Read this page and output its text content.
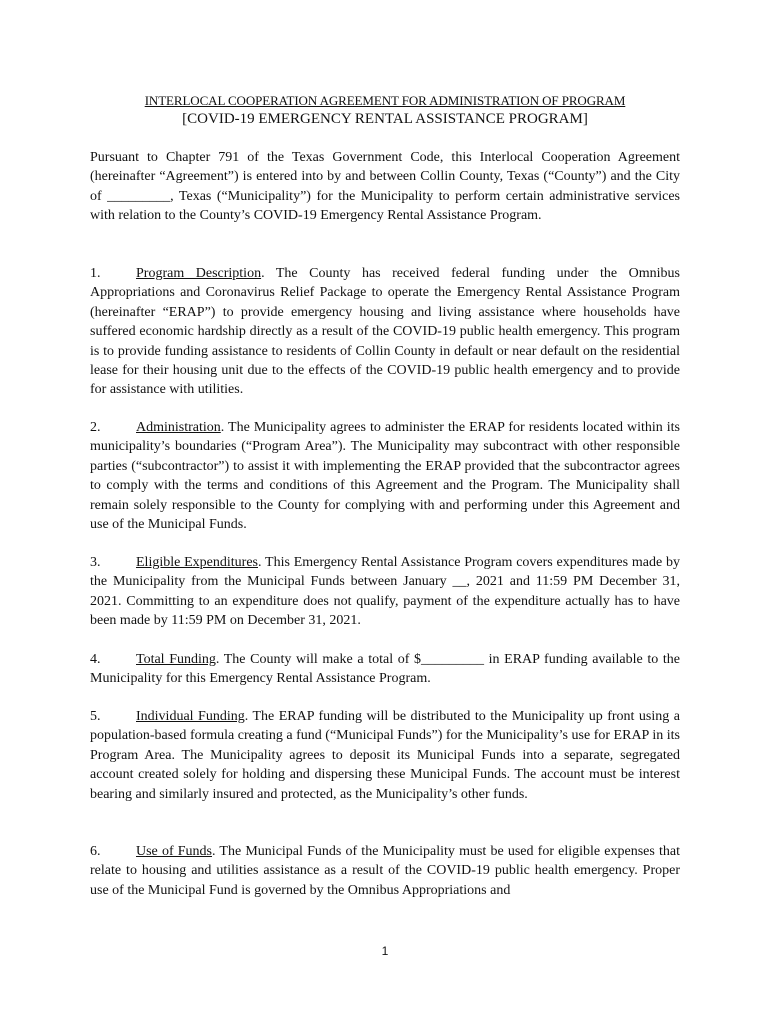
INTERLOCAL COOPERATION AGREEMENT FOR ADMINISTRATION OF PROGRAM
[COVID-19 EMERGENCY RENTAL ASSISTANCE PROGRAM]

Pursuant to Chapter 791 of the Texas Government Code, this Interlocal Cooperation Agreement (hereinafter “Agreement”) is entered into by and between Collin County, Texas (“County”) and the City of _________, Texas (“Municipality”) for the Municipality to perform certain administrative services with relation to the County’s COVID-19 Emergency Rental Assistance Program.

1.	Program Description. The County has received federal funding under the Omnibus Appropriations and Coronavirus Relief Package to operate the Emergency Rental Assistance Program (hereinafter “ERAP”) to provide emergency housing and living assistance where households have suffered economic hardship directly as a result of the COVID-19 public health emergency. This program is to provide funding assistance to residents of Collin County in default or near default on the residential lease for their housing unit due to the effects of the COVID-19 public health emergency and to provide for assistance with utilities.

2.	Administration. The Municipality agrees to administer the ERAP for residents located within its municipality’s boundaries (“Program Area”). The Municipality may subcontract with other responsible parties (“subcontractor”) to assist it with implementing the ERAP provided that the subcontractor agrees to comply with the terms and conditions of this Agreement and the Program. The Municipality shall remain solely responsible to the County for complying with and performing under this Agreement and use of the Municipal Funds.

3.	Eligible Expenditures. This Emergency Rental Assistance Program covers expenditures made by the Municipality from the Municipal Funds between January __, 2021 and 11:59 PM December 31, 2021. Committing to an expenditure does not qualify, payment of the expenditure actually has to have been made by 11:59 PM on December 31, 2021.

4.	Total Funding. The County will make a total of $_________ in ERAP funding available to the Municipality for this Emergency Rental Assistance Program.

5.	Individual Funding. The ERAP funding will be distributed to the Municipality up front using a population-based formula creating a fund (“Municipal Funds”) for the Municipality’s use for ERAP in its Program Area. The Municipality agrees to deposit its Municipal Funds into a separate, segregated account created solely for holding and dispersing these Municipal Funds. The account must be interest bearing and similarly insured and protected, as the Municipality’s other funds.

6.	Use of Funds. The Municipal Funds of the Municipality must be used for eligible expenses that relate to housing and utilities assistance as a result of the COVID-19 public health emergency. Proper use of the Municipal Fund is governed by the Omnibus Appropriations and

1
